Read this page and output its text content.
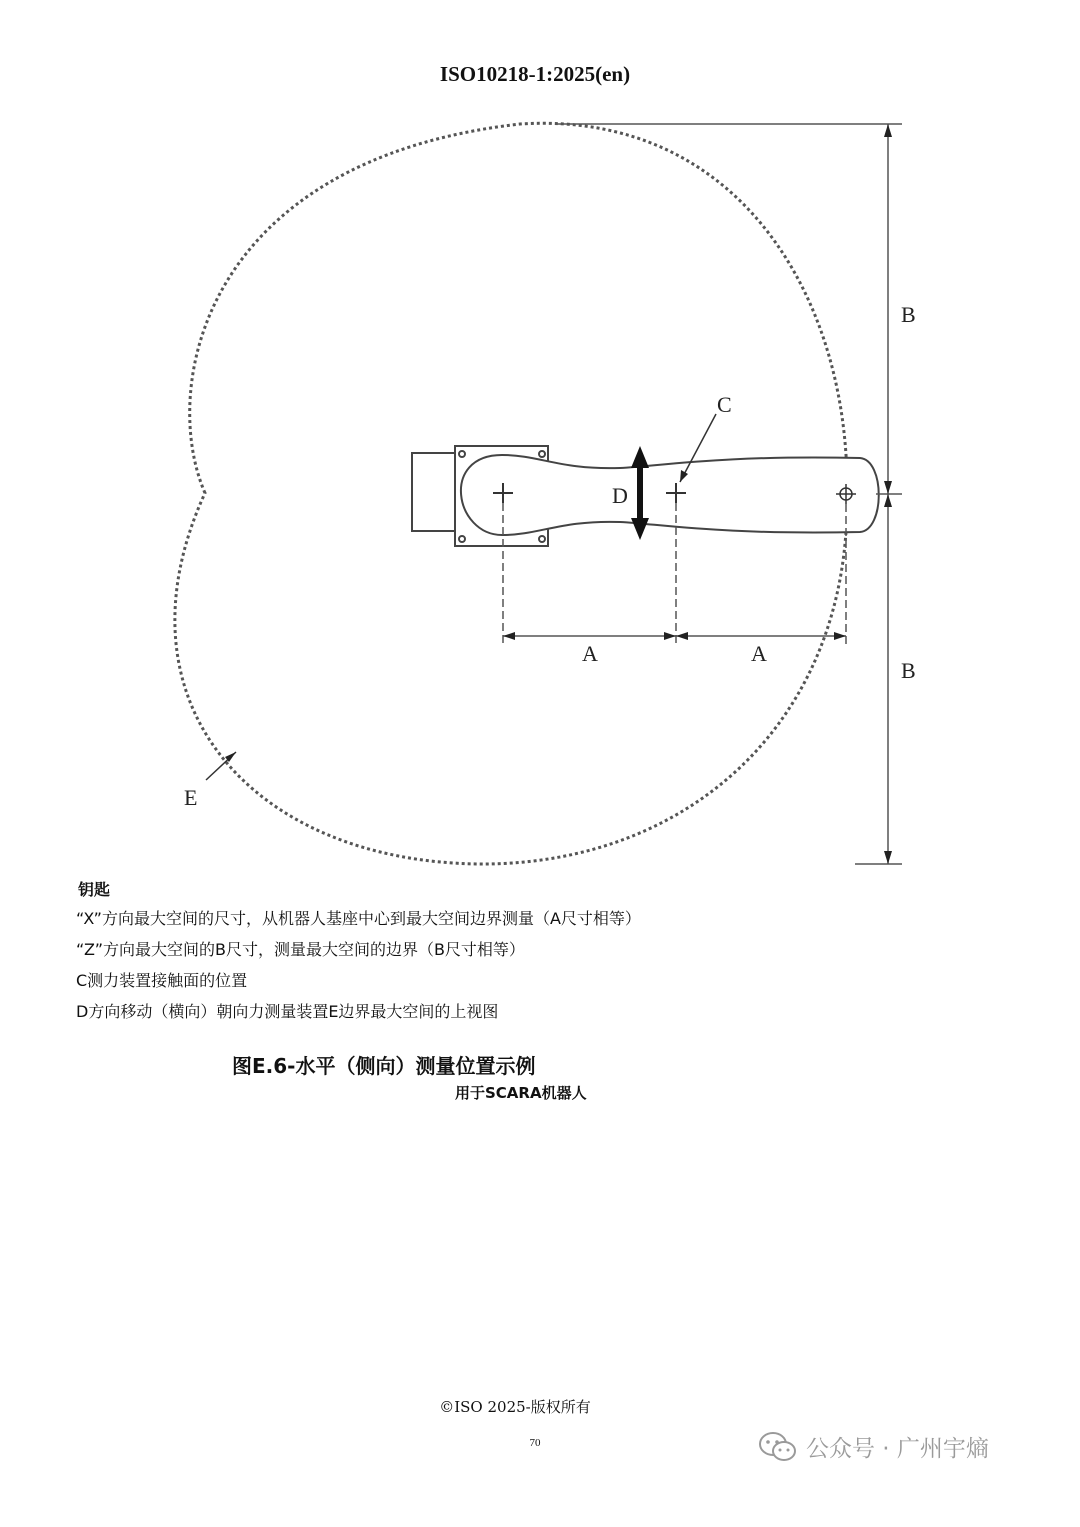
ISO10218-1:2025(en)
A	A
B
B
C
D
E
钥匙
“X”方向最大空间的尺寸，从机器人基座中心到最大空间边界测量（A尺寸相等）
“Z”方向最大空间的B尺寸，测量最大空间的边界（B尺寸相等）
C测力装置接触面的位置
D方向移动（横向）朝向力测量装置E边界最大空间的上视图
图E.6-水平（侧向）测量位置示例
用于SCARA机器人
©ISO 2025-版权所有
70	公众号 · 广州宇熵
